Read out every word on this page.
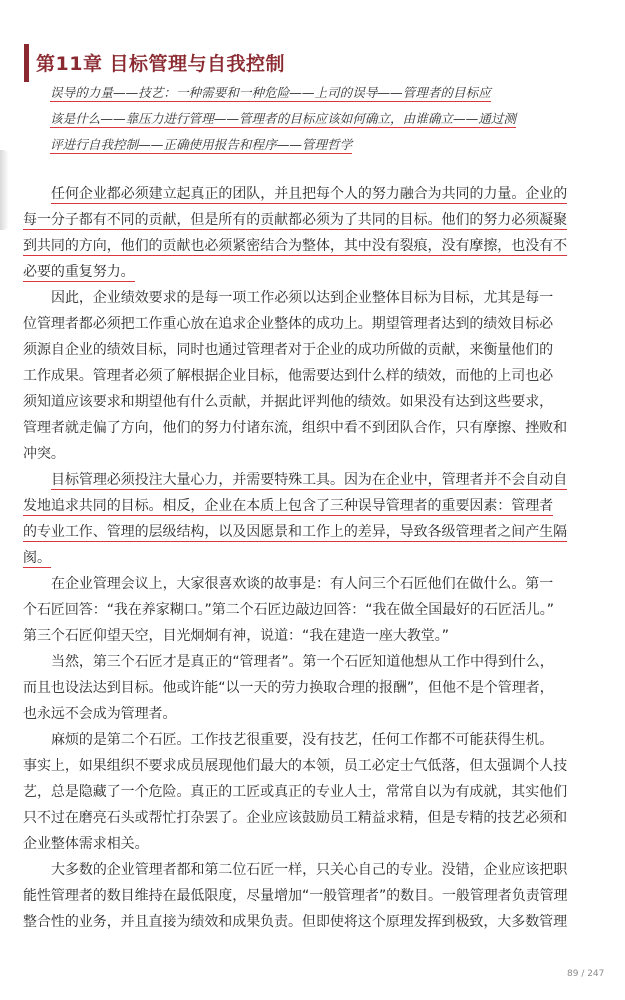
第11章 目标管理与自我控制
误导的力量——技艺：一种需要和一种危险——上司的误导——管理者的目标应
该是什么——靠压力进行管理——管理者的目标应该如何确立，由谁确立——通过测
评进行自我控制——正确使用报告和程序——管理哲学
任何企业都必须建立起真正的团队，并且把每个人的努力融合为共同的力量。企业的
每一分子都有不同的贡献，但是所有的贡献都必须为了共同的目标。他们的努力必须凝聚
到共同的方向，他们的贡献也必须紧密结合为整体，其中没有裂痕，没有摩擦，也没有不
必要的重复努力。
因此，企业绩效要求的是每一项工作必须以达到企业整体目标为目标，尤其是每一
位管理者都必须把工作重心放在追求企业整体的成功上。期望管理者达到的绩效目标必
须源自企业的绩效目标，同时也通过管理者对于企业的成功所做的贡献，来衡量他们的
工作成果。管理者必须了解根据企业目标，他需要达到什么样的绩效，而他的上司也必
须知道应该要求和期望他有什么贡献，并据此评判他的绩效。如果没有达到这些要求，
管理者就走偏了方向，他们的努力付诸东流，组织中看不到团队合作，只有摩擦、挫败和
冲突。
目标管理必须投注大量心力，并需要特殊工具。因为在企业中，管理者并不会自动自
发地追求共同的目标。相反，企业在本质上包含了三种误导管理者的重要因素：管理者
的专业工作、管理的层级结构，以及因愿景和工作上的差异，导致各级管理者之间产生隔
阂。
在企业管理会议上，大家很喜欢谈的故事是：有人问三个石匠他们在做什么。第一
个石匠回答：“我在养家糊口。”第二个石匠边敲边回答：“我在做全国最好的石匠活儿。”
第三个石匠仰望天空，目光炯炯有神，说道：“我在建造一座大教堂。”
当然，第三个石匠才是真正的“管理者”。第一个石匠知道他想从工作中得到什么，
而且也设法达到目标。他或许能“以一天的劳力换取合理的报酬”，但他不是个管理者，
也永远不会成为管理者。
麻烦的是第二个石匠。工作技艺很重要，没有技艺，任何工作都不可能获得生机。
事实上，如果组织不要求成员展现他们最大的本领，员工必定士气低落，但太强调个人技
艺，总是隐藏了一个危险。真正的工匠或真正的专业人士，常常自以为有成就，其实他们
只不过在磨亮石头或帮忙打杂罢了。企业应该鼓励员工精益求精，但是专精的技艺必须和
企业整体需求相关。
大多数的企业管理者都和第二位石匠一样，只关心自己的专业。没错，企业应该把职
能性管理者的数目维持在最低限度，尽量增加“一般管理者”的数目。一般管理者负责管理
整合性的业务，并且直接为绩效和成果负责。但即使将这个原理发挥到极致，大多数管理
89 / 247
